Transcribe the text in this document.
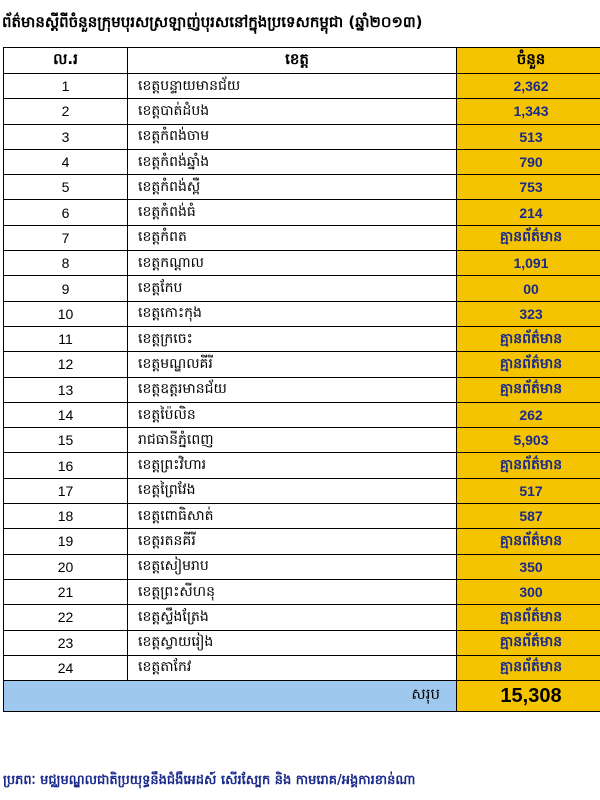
ព័ត៌មានស្ដីពីចំនួនក្រុមបុរសស្រឡាញ់បុរសនៅក្នុងប្រទេសកម្ពុជា (ឆ្នាំ២០១៣)
ល.រ	ខេត្ត	ចំនួន
1	ខេត្តបន្ទាយមានជ័យ	2,362
2	ខេត្តបាត់ដំបង	1,343
3	ខេត្តកំពង់ចាម	513
4	ខេត្តកំពង់ឆ្នាំង	790
5	ខេត្តកំពង់ស្ពឺ	753
6	ខេត្តកំពង់ធំ	214
7	ខេត្តកំពត	គ្មានព័ត៌មាន
8	ខេត្តកណ្ដាល	1,091
9	ខេត្តកែប	00
10	ខេត្តកោះកុង	323
11	ខេត្តក្រចេះ	គ្មានព័ត៌មាន
12	ខេត្តមណ្ឌលគីរី	គ្មានព័ត៌មាន
13	ខេត្តឧត្ដរមានជ័យ	គ្មានព័ត៌មាន
14	ខេត្តប៉ៃលិន	262
15	រាជធានីភ្នំពេញ	5,903
16	ខេត្តព្រះវិហារ	គ្មានព័ត៌មាន
17	ខេត្តព្រៃវែង	517
18	ខេត្តពោធិសាត់	587
19	ខេត្តរតនគីរី	គ្មានព័ត៌មាន
20	ខេត្តសៀមរាប	350
21	ខេត្តព្រះសីហនុ	300
22	ខេត្តស្ទឹងត្រែង	គ្មានព័ត៌មាន
23	ខេត្តស្វាយរៀង	គ្មានព័ត៌មាន
24	ខេត្តតាកែវ	គ្មានព័ត៌មាន
សរុប		15,308
ប្រភពៈ មជ្ឈមណ្ឌលជាតិប្រយុទ្ធនឹងជំងឺអេដស៍ សើរស្បែក និង កាមរោគ/អង្គការខាន់ណា
